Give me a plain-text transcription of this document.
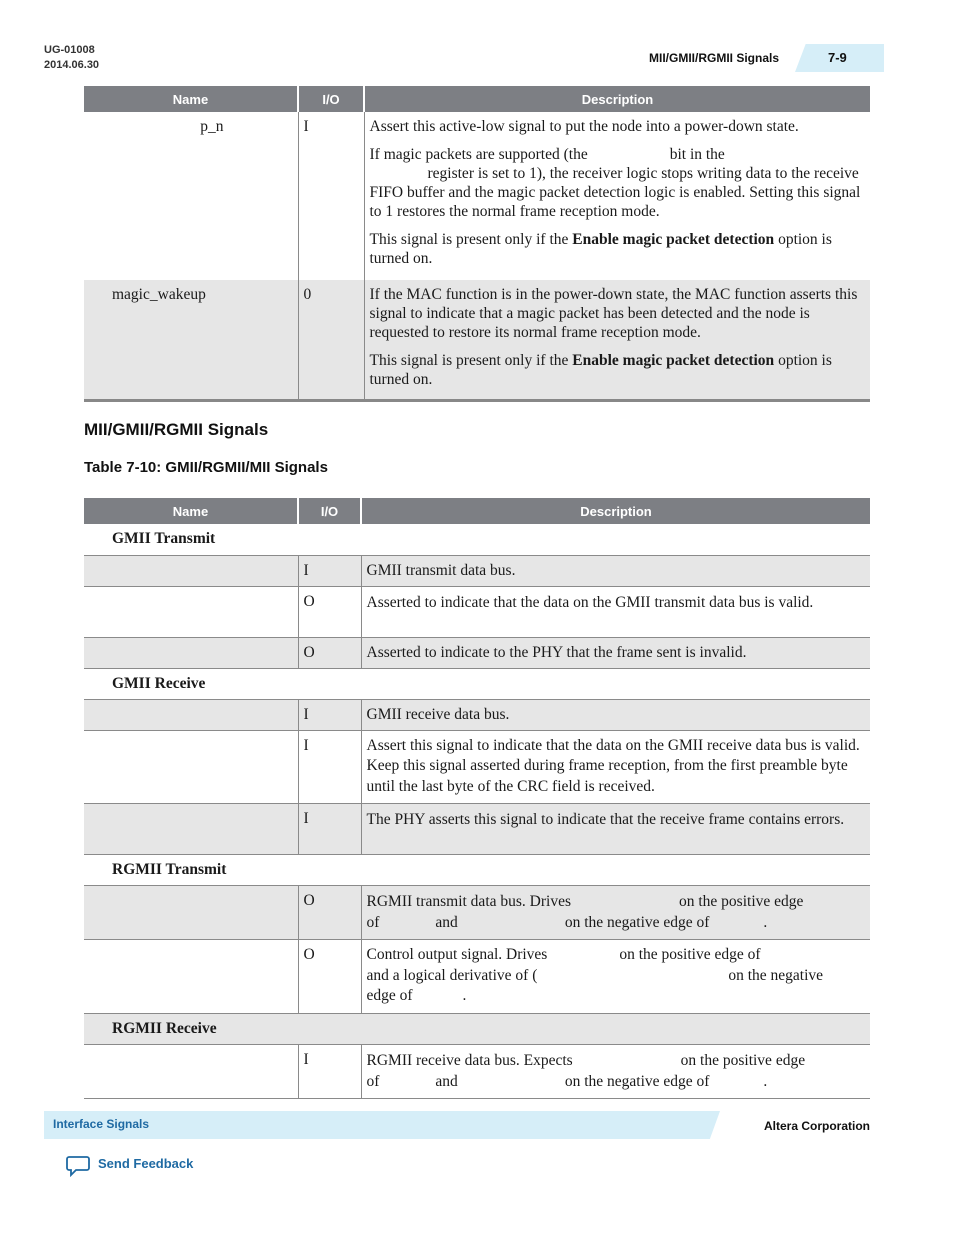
UG-01008
2014.06.30	MII/GMII/RGMII Signals	7-9
Name	I/O	Description
p_n	I	Assert this active-low signal to put the node into a power-down state.

If magic packets are supported (the bit in the
register is set to 1), the receiver logic stops writing data to the receive FIFO buffer and the magic packet detection logic is enabled. Setting this signal to 1 restores the normal frame reception mode.

This signal is present only if the Enable magic packet detection option is turned on.

magic_wakeup	0	If the MAC function is in the power-down state, the MAC function asserts this signal to indicate that a magic packet has been detected and the node is requested to restore its normal frame reception mode.

This signal is present only if the Enable magic packet detection option is turned on.

MII/GMII/RGMII Signals
Table 7-10: GMII/RGMII/MII Signals
Name	I/O	Description
GMII Transmit		
	I	GMII transmit data bus.
	O	Asserted to indicate that the data on the GMII transmit data bus is valid.
	O	Asserted to indicate to the PHY that the frame sent is invalid.
GMII Receive		
	I	GMII receive data bus.
	I	Assert this signal to indicate that the data on the GMII receive data bus is valid. Keep this signal asserted during frame reception, from the first preamble byte until the last byte of the CRC field is received.
	I	The PHY asserts this signal to indicate that the receive frame contains errors.
RGMII Transmit		
	O	RGMII transmit data bus. Drives on the positive edge
of and on the negative edge of .
	O	Control output signal. Drives on the positive edge of
and a logical derivative of ( on the negative
edge of .
RGMII Receive		
	I	RGMII receive data bus. Expects on the positive edge
of and on the negative edge of .
Interface Signals	Altera Corporation
Send Feedback
